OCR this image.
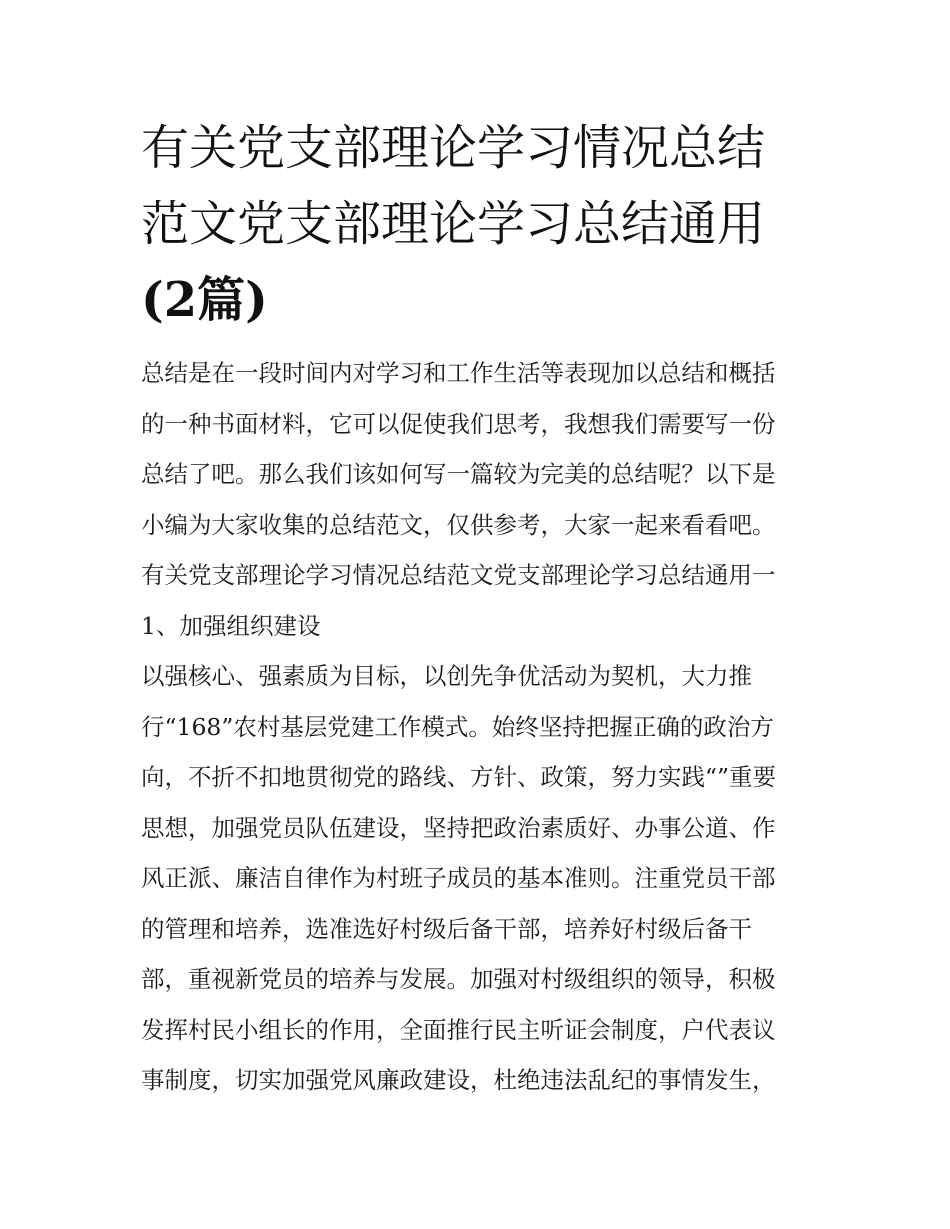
有关党支部理论学习情况总结
范文党支部理论学习总结通用
(2篇)
总结是在一段时间内对学习和工作生活等表现加以总结和概括
的一种书面材料，它可以促使我们思考，我想我们需要写一份
总结了吧。那么我们该如何写一篇较为完美的总结呢？以下是
小编为大家收集的总结范文，仅供参考，大家一起来看看吧。
有关党支部理论学习情况总结范文党支部理论学习总结通用一
1、加强组织建设
以强核心、强素质为目标，以创先争优活动为契机，大力推
行“168”农村基层党建工作模式。始终坚持把握正确的政治方
向，不折不扣地贯彻党的路线、方针、政策，努力实践“”重要
思想，加强党员队伍建设，坚持把政治素质好、办事公道、作
风正派、廉洁自律作为村班子成员的基本准则。注重党员干部
的管理和培养，选准选好村级后备干部，培养好村级后备干
部，重视新党员的培养与发展。加强对村级组织的领导，积极
发挥村民小组长的作用，全面推行民主听证会制度，户代表议
事制度，切实加强党风廉政建设，杜绝违法乱纪的事情发生，
